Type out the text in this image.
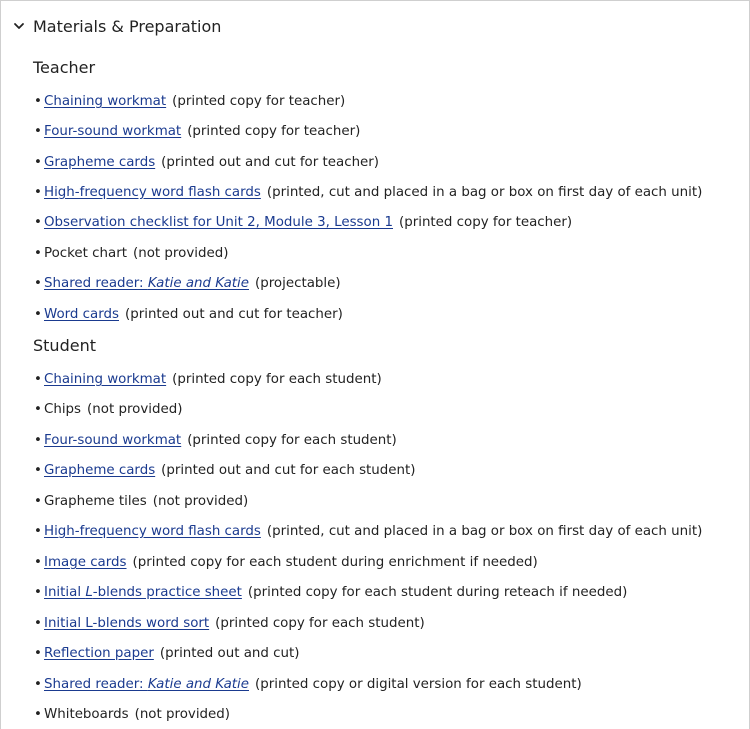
Materials & Preparation
Teacher
• Chaining workmat (printed copy for teacher)
• Four-sound workmat (printed copy for teacher)
• Grapheme cards (printed out and cut for teacher)
• High-frequency word flash cards (printed, cut and placed in a bag or box on first day of each unit)
• Observation checklist for Unit 2, Module 3, Lesson 1 (printed copy for teacher)
• Pocket chart (not provided)
• Shared reader: Katie and Katie (projectable)
• Word cards (printed out and cut for teacher)
Student
• Chaining workmat (printed copy for each student)
• Chips (not provided)
• Four-sound workmat (printed copy for each student)
• Grapheme cards (printed out and cut for each student)
• Grapheme tiles (not provided)
• High-frequency word flash cards (printed, cut and placed in a bag or box on first day of each unit)
• Image cards (printed copy for each student during enrichment if needed)
• Initial L-blends practice sheet (printed copy for each student during reteach if needed)
• Initial L-blends word sort (printed copy for each student)
• Reflection paper (printed out and cut)
• Shared reader: Katie and Katie (printed copy or digital version for each student)
• Whiteboards (not provided)
